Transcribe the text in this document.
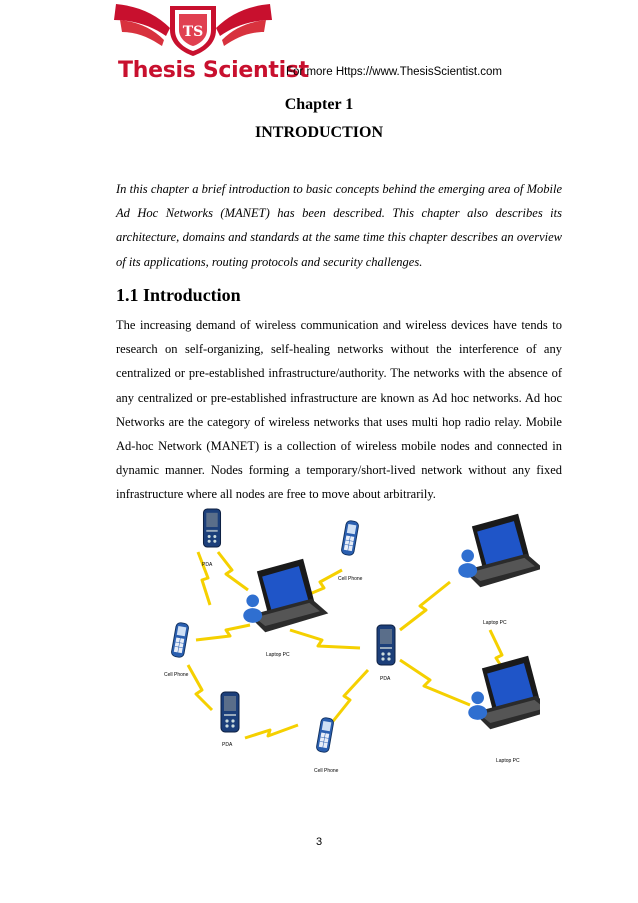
TS
Thesis Scientist
For more Https://www.ThesisScientist.com
Chapter 1
INTRODUCTION
In this chapter a brief introduction to basic concepts behind the emerging area of Mobile Ad Hoc Networks (MANET) has been described. This chapter also describes its architecture, domains and standards at the same time this chapter describes an overview of its applications, routing protocols and security challenges.
1.1 Introduction
The increasing demand of wireless communication and wireless devices have tends to research on self-organizing, self-healing networks without the interference of any centralized or pre-established infrastructure/authority. The networks with the absence of any centralized or pre-established infrastructure are known as Ad hoc networks. Ad hoc Networks are the category of wireless networks that uses multi hop radio relay. Mobile Ad-hoc Network (MANET) is a collection of wireless mobile nodes and connected in dynamic manner. Nodes forming a temporary/short-lived network without any fixed infrastructure where all nodes are free to move about arbitrarily.
PDA
Cell Phone
Laptop PC
Laptop PC
Cell Phone
PDA
PDA
Cell Phone
Laptop PC
3
